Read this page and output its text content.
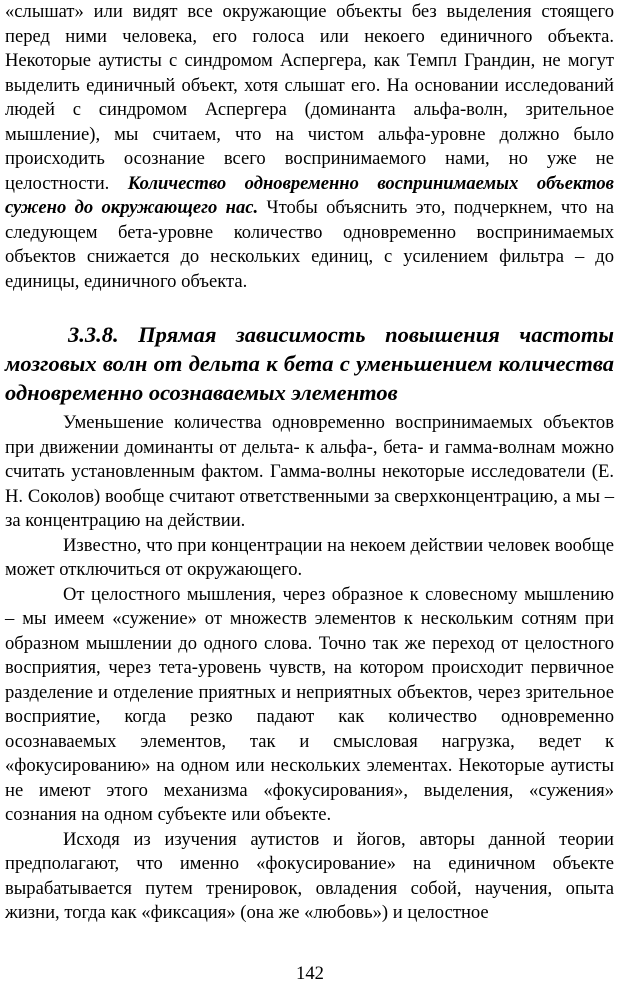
«слышат» или видят все окружающие объекты без выделения стоящего перед ними человека, его голоса или некоего единичного объекта. Некоторые аутисты с синдромом Аспергера, как Темпл Грандин, не могут выделить единичный объект, хотя слышат его. На основании исследований людей с синдромом Аспергера (доминанта альфа-волн, зрительное мышление), мы считаем, что на чистом альфа-уровне должно было происходить осознание всего воспринимаемого нами, но уже не целостности. Количество одновременно воспринимаемых объектов сужено до окружающего нас. Чтобы объяснить это, подчеркнем, что на следующем бета-уровне количество одновременно воспринимаемых объектов снижается до нескольких единиц, с усилением фильтра – до единицы, единичного объекта.

3.3.8. Прямая зависимость повышения частоты мозговых волн от дельта к бета с уменьшением количества одновременно осознаваемых элементов

Уменьшение количества одновременно воспринимаемых объектов при движении доминанты от дельта- к альфа-, бета- и гамма-волнам можно считать установленным фактом. Гамма-волны некоторые исследователи (Е. Н. Соколов) вообще считают ответственными за сверхконцентрацию, а мы – за концентрацию на действии.

Известно, что при концентрации на некоем действии человек вообще может отключиться от окружающего.

От целостного мышления, через образное к словесному мышлению – мы имеем «сужение» от множеств элементов к нескольким сотням при образном мышлении до одного слова. Точно так же переход от целостного восприятия, через тета-уровень чувств, на котором происходит первичное разделение и отделение приятных и неприятных объектов, через зрительное восприятие, когда резко падают как количество одновременно осознаваемых элементов, так и смысловая нагрузка, ведет к «фокусированию» на одном или нескольких элементах. Некоторые аутисты не имеют этого механизма «фокусирования», выделения, «сужения» сознания на одном субъекте или объекте.

Исходя из изучения аутистов и йогов, авторы данной теории предполагают, что именно «фокусирование» на единичном объекте вырабатывается путем тренировок, овладения собой, научения, опыта жизни, тогда как «фиксация» (она же «любовь») и целостное

142
